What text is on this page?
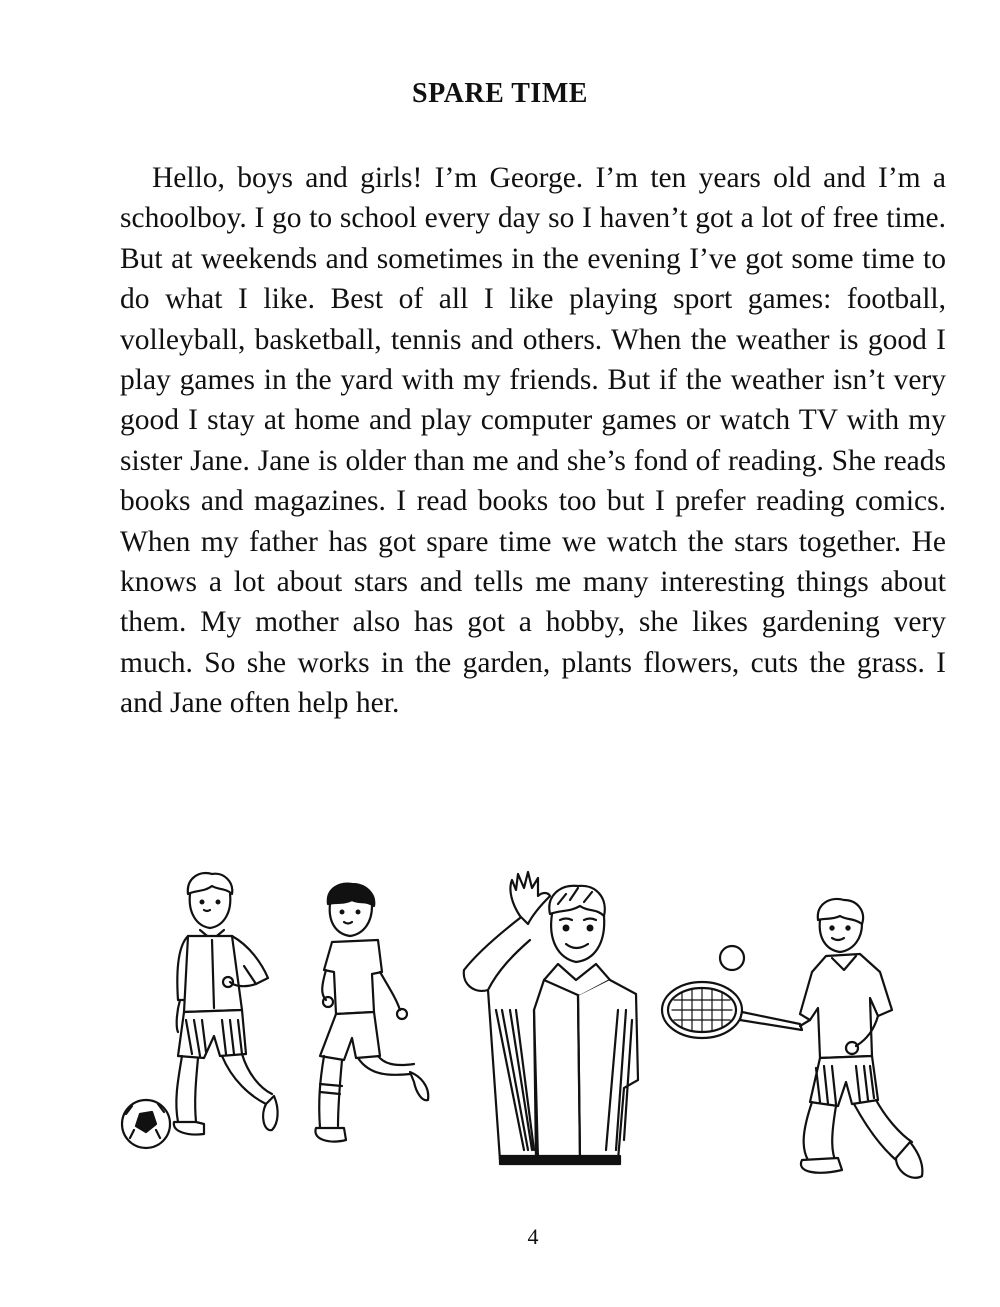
SPARE TIME

Hello, boys and girls! I’m George. I’m ten years old and I’m a schoolboy. I go to school every day so I haven’t got a lot of free time. But at weekends and sometimes in the evening I’ve got some time to do what I like. Best of all I like playing sport games: football, volleyball, basketball, tennis and others. When the weather is good I play games in the yard with my friends. But if the weather isn’t very good I stay at home and play computer games or watch TV with my sister Jane. Jane is older than me and she’s fond of reading. She reads books and magazines. I read books too but I prefer reading comics. When my father has got spare time we watch the stars together. He knows a lot about stars and tells me many interesting things about them. My mother also has got a hobby, she likes gardening very much. So she works in the garden, plants flowers, cuts the grass. I and Jane often help her.

4
